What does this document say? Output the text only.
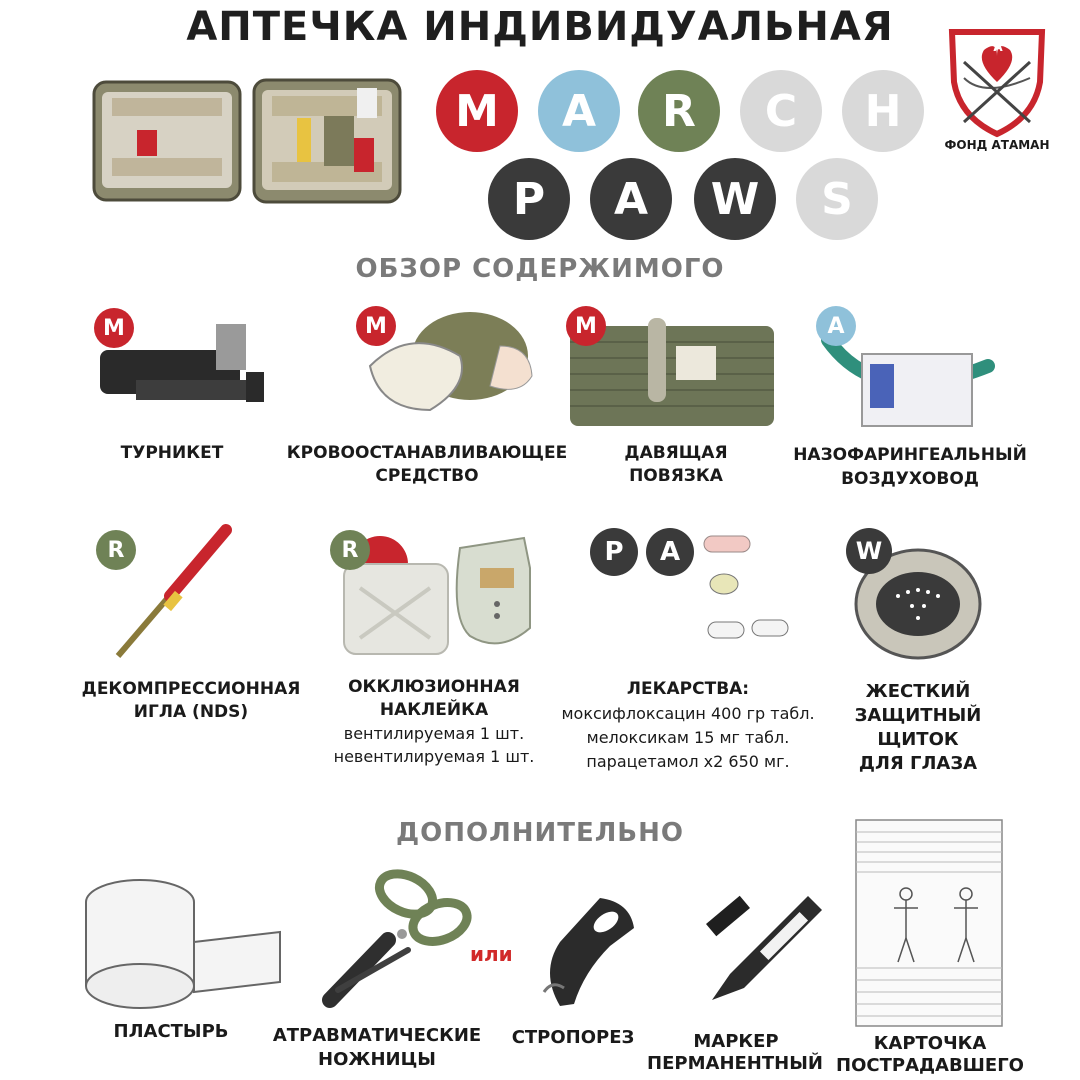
АПТЕЧКА ИНДИВИДУАЛЬНАЯ	А
ФОНД АТАМАН
M	A	R	C	H
P	A	W	S
ОБЗОР СОДЕРЖИМОГО
M
ТУРНИКЕТ
M
КРОВООСТАНАВЛИВАЮЩЕЕ
СРЕДСТВО
M
ДАВЯЩАЯ
ПОВЯЗКА
A
НАЗОФАРИНГЕАЛЬНЫЙ
ВОЗДУХОВОД
R
ДЕКОМПРЕССИОННАЯ
ИГЛА (NDS)
R
ОККЛЮЗИОННАЯ
НАКЛЕЙКА
вентилируемая 1 шт.
невентилируемая 1 шт.
P	A
ЛЕКАРСТВА:
моксифлоксацин 400 гр табл.
мелоксикам 15 мг табл.
парацетамол х2 650 мг.
W
ЖЕСТКИЙ
ЗАЩИТНЫЙ
ЩИТОК
ДЛЯ ГЛАЗА
ДОПОЛНИТЕЛЬНО
ПЛАСТЫРЬ	АТРАВМАТИЧЕСКИЕ
НОЖНИЦЫ
или
СТРОПОРЕЗ	МАРКЕР
ПЕРМАНЕНТНЫЙ
КАРТОЧКА
ПОСТРАДАВШЕГО
